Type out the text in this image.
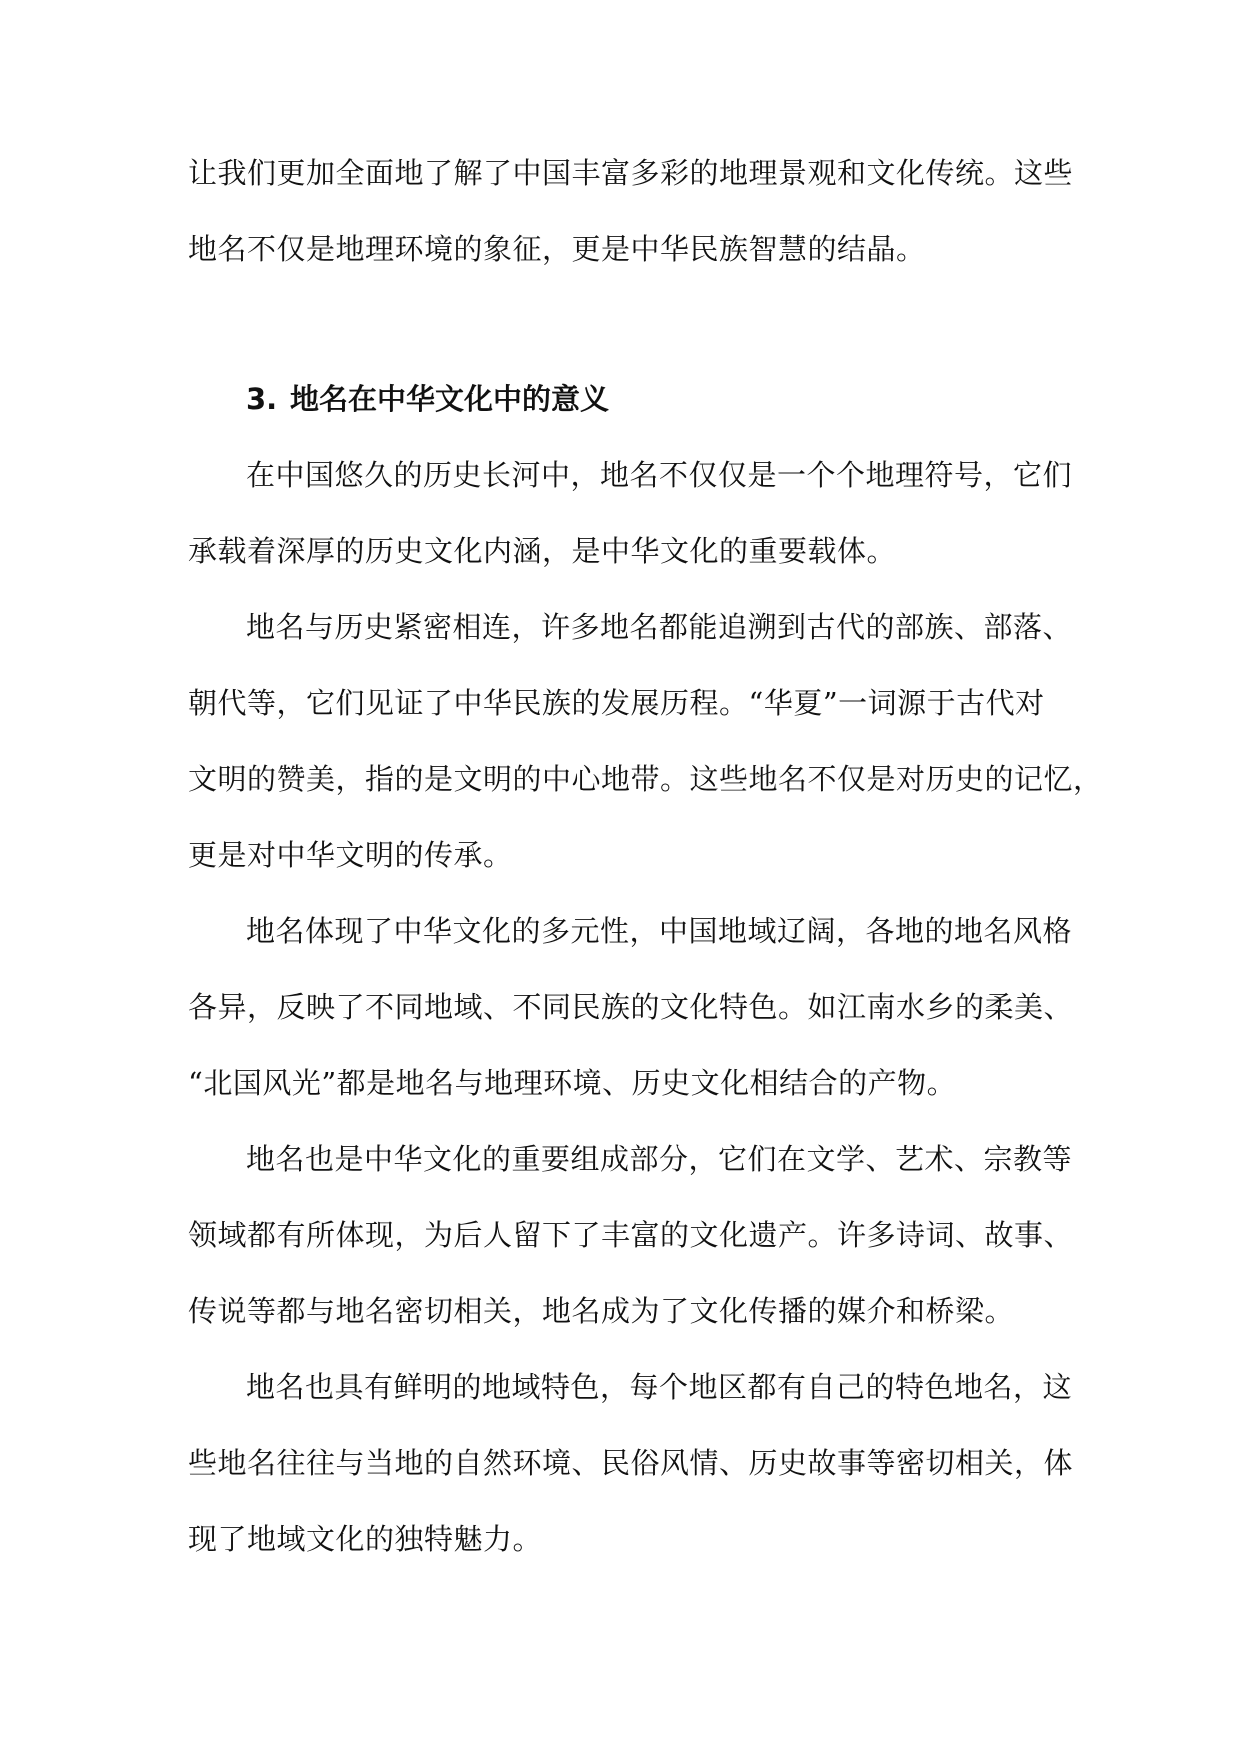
让我们更加全面地了解了中国丰富多彩的地理景观和文化传统。这些
地名不仅是地理环境的象征，更是中华民族智慧的结晶。
3. 地名在中华文化中的意义
在中国悠久的历史长河中，地名不仅仅是一个个地理符号，它们
承载着深厚的历史文化内涵，是中华文化的重要载体。
地名与历史紧密相连，许多地名都能追溯到古代的部族、部落、
朝代等，它们见证了中华民族的发展历程。“华夏”一词源于古代对
文明的赞美，指的是文明的中心地带。这些地名不仅是对历史的记忆，
更是对中华文明的传承。
地名体现了中华文化的多元性，中国地域辽阔，各地的地名风格
各异，反映了不同地域、不同民族的文化特色。如江南水乡的柔美、
“北国风光”都是地名与地理环境、历史文化相结合的产物。
地名也是中华文化的重要组成部分，它们在文学、艺术、宗教等
领域都有所体现，为后人留下了丰富的文化遗产。许多诗词、故事、
传说等都与地名密切相关，地名成为了文化传播的媒介和桥梁。
地名也具有鲜明的地域特色，每个地区都有自己的特色地名，这
些地名往往与当地的自然环境、民俗风情、历史故事等密切相关，体
现了地域文化的独特魅力。
